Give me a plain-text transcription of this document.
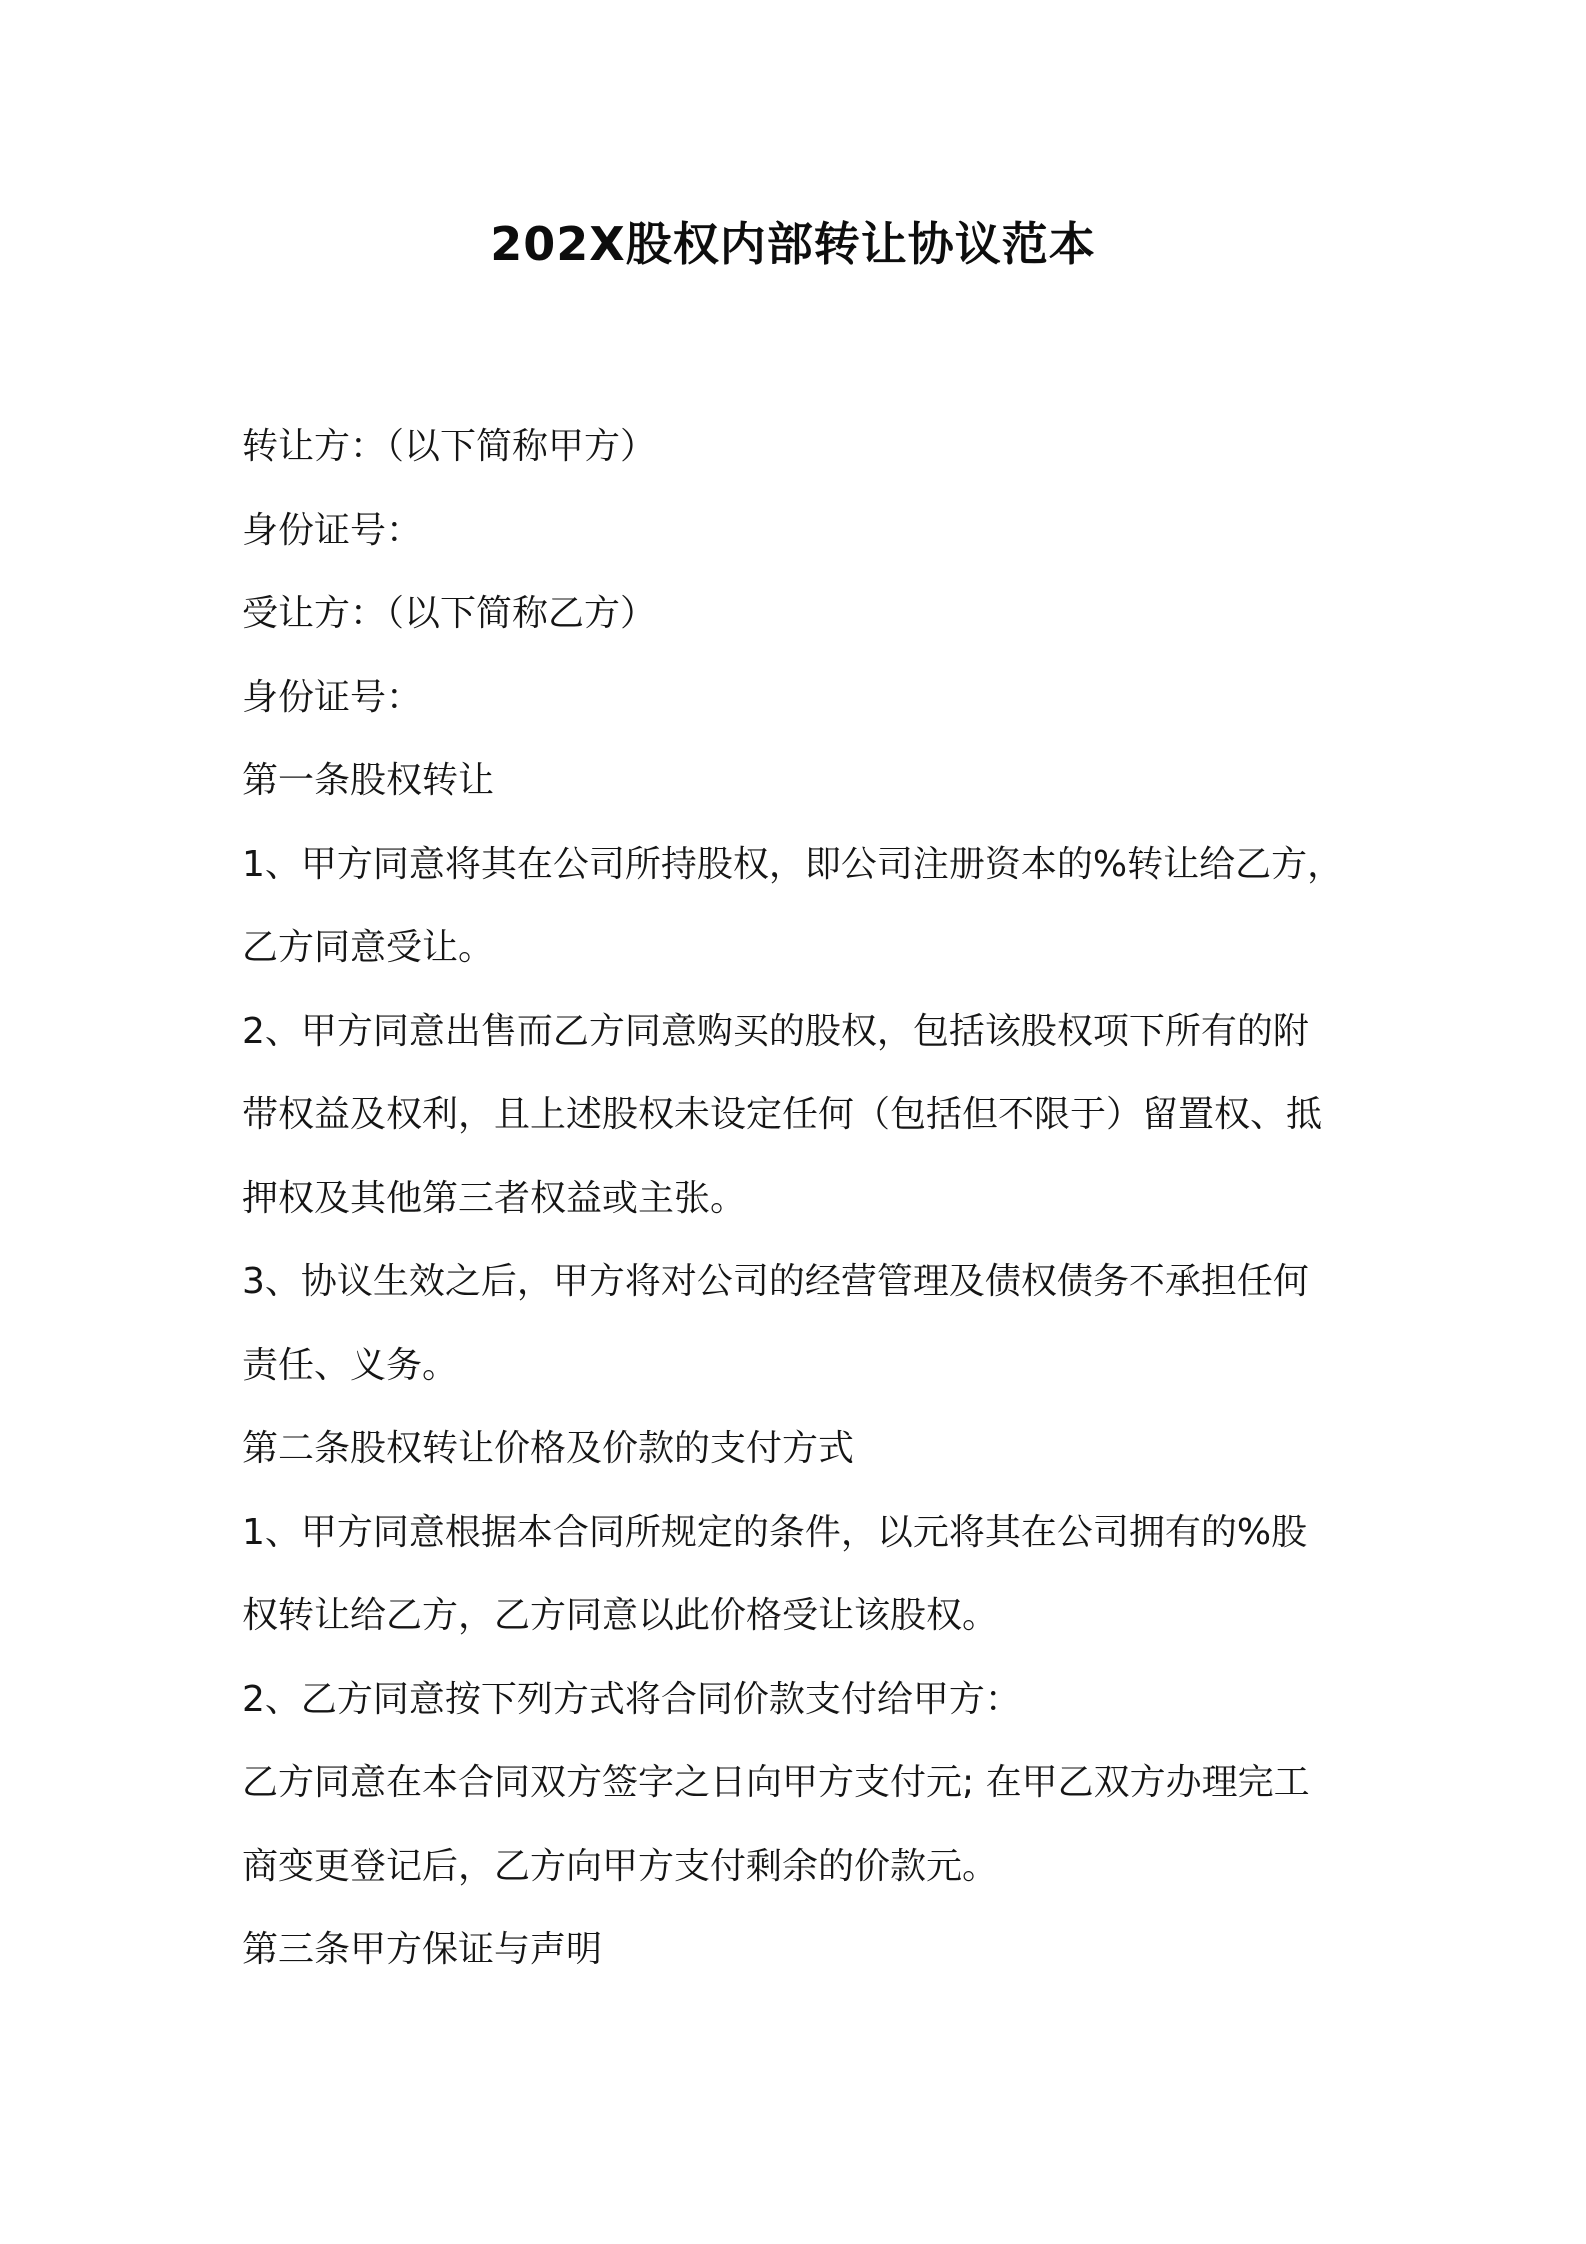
202X股权内部转让协议范本
转让方：（以下简称甲方）
身份证号：
受让方：（以下简称乙方）
身份证号：
第一条股权转让
1、甲方同意将其在公司所持股权，即公司注册资本的%转让给乙方，
乙方同意受让。
2、甲方同意出售而乙方同意购买的股权，包括该股权项下所有的附
带权益及权利，且上述股权未设定任何（包括但不限于）留置权、抵
押权及其他第三者权益或主张。
3、协议生效之后，甲方将对公司的经营管理及债权债务不承担任何
责任、义务。
第二条股权转让价格及价款的支付方式
1、甲方同意根据本合同所规定的条件，以元将其在公司拥有的%股
权转让给乙方，乙方同意以此价格受让该股权。
2、乙方同意按下列方式将合同价款支付给甲方：
乙方同意在本合同双方签字之日向甲方支付元; 在甲乙双方办理完工
商变更登记后，乙方向甲方支付剩余的价款元。
第三条甲方保证与声明
